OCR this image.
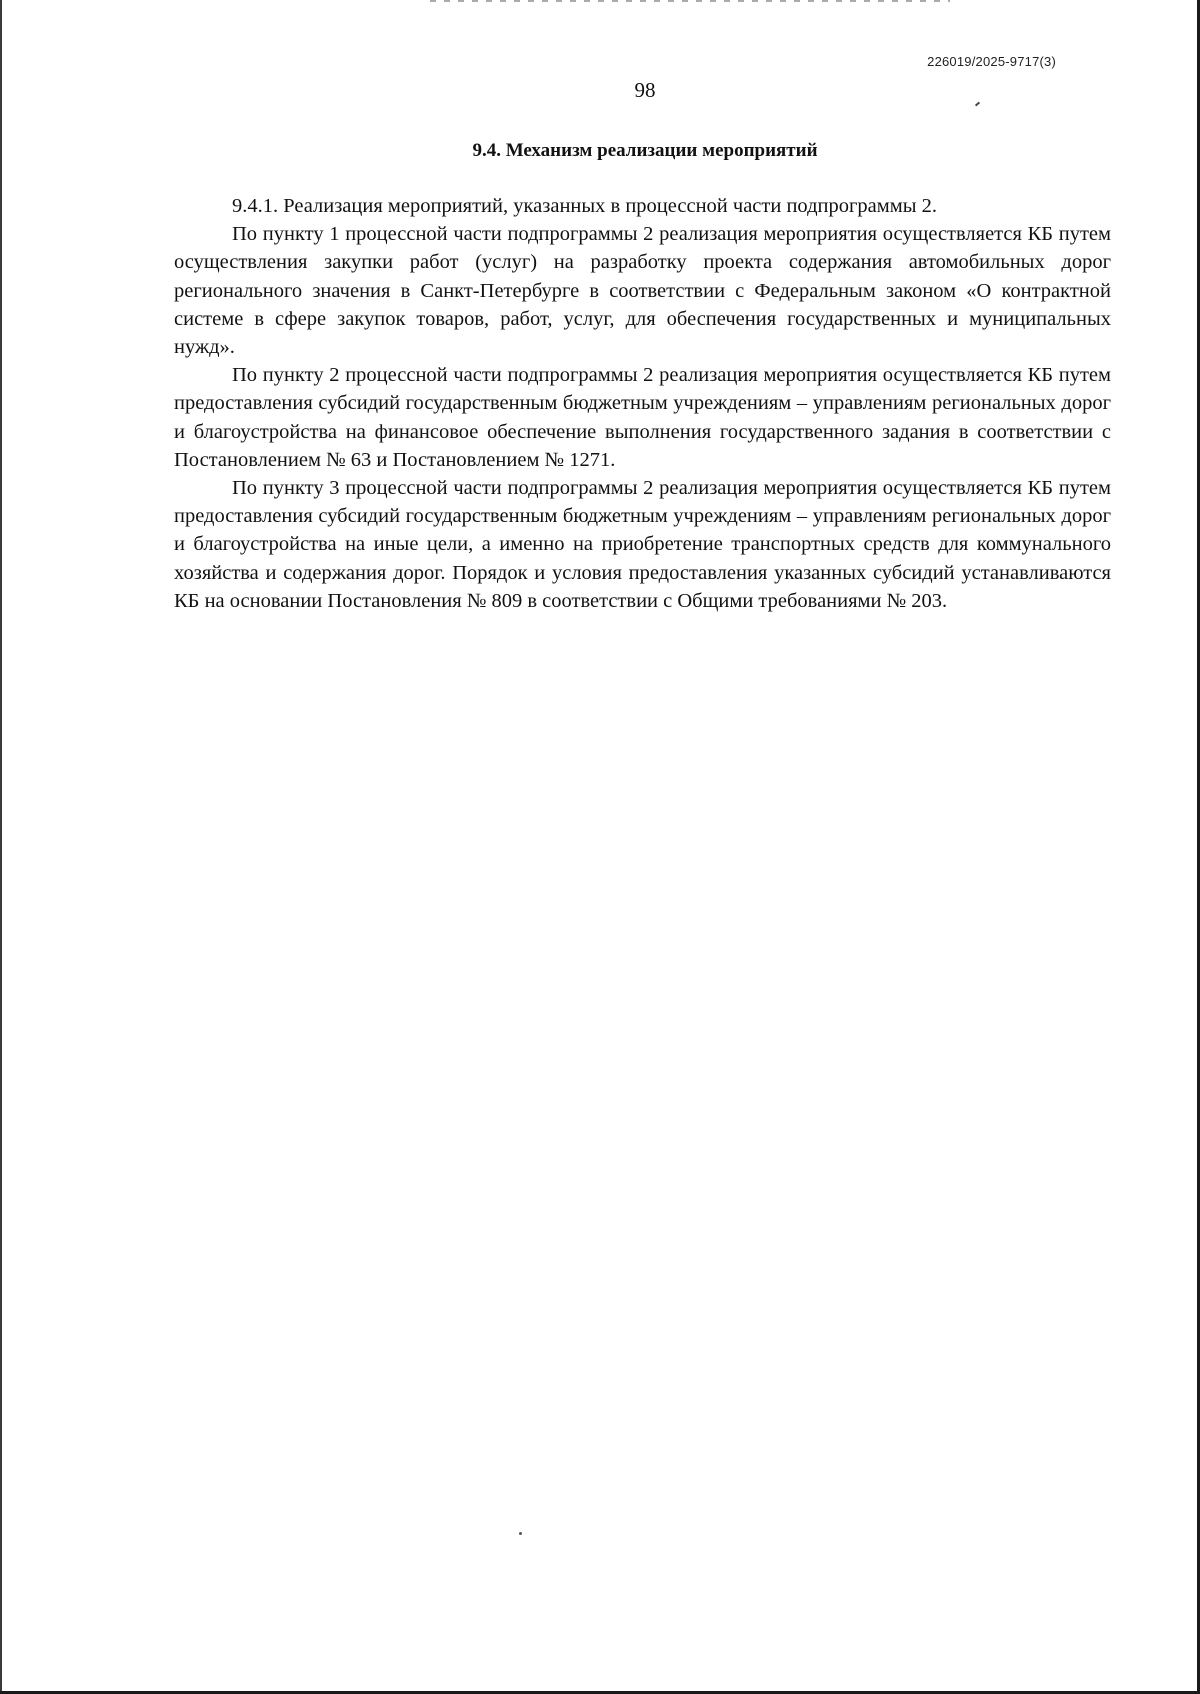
226019/2025-9717(3)
98
9.4. Механизм реализации мероприятий

9.4.1. Реализация мероприятий, указанных в процессной части подпрограммы 2.

По пункту 1 процессной части подпрограммы 2 реализация мероприятия осуществляется КБ путем осуществления закупки работ (услуг) на разработку проекта содержания автомобильных дорог регионального значения в Санкт-Петербурге в соответствии с Федеральным законом «О контрактной системе в сфере закупок товаров, работ, услуг, для обеспечения государственных и муниципальных нужд».

По пункту 2 процессной части подпрограммы 2 реализация мероприятия осуществляется КБ путем предоставления субсидий государственным бюджетным учреждениям – управлениям региональных дорог и благоустройства на финансовое обеспечение выполнения государственного задания в соответствии с Постановлением № 63 и Постановлением № 1271.

По пункту 3 процессной части подпрограммы 2 реализация мероприятия осуществляется КБ путем предоставления субсидий государственным бюджетным учреждениям – управлениям региональных дорог и благоустройства на иные цели, а именно на приобретение транспортных средств для коммунального хозяйства и содержания дорог. Порядок и условия предоставления указанных субсидий устанавливаются КБ на основании Постановления № 809 в соответствии с Общими требованиями № 203.
